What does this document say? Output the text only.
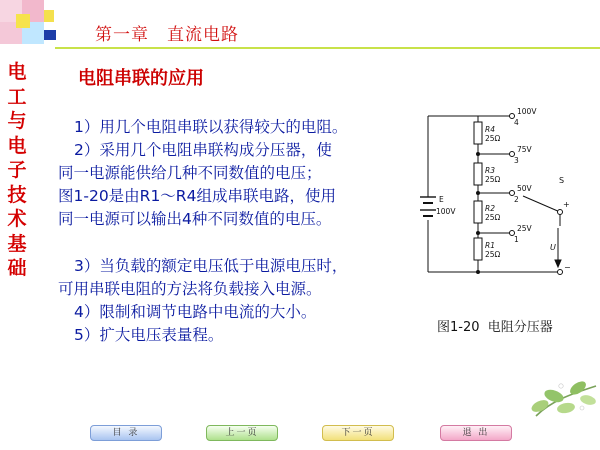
第一章　直流电路
电
工
与
电
子
技
术
基
础
电阻串联的应用
1）用几个电阻串联以获得较大的电阻。
2）采用几个电阻串联构成分压器，使
同一电源能供给几种不同数值的电压；
图1-20是由R1～R4组成串联电路，使用
同一电源可以输出4种不同数值的电压。
3）当负载的额定电压低于电源电压时，
可用串联电阻的方法将负载接入电源。
4）限制和调节电路中电流的大小。
5）扩大电压表量程。
R4
25Ω
R3
25Ω
R2
25Ω
R1
25Ω
100V
4
75V
3
50V
2
25V
1
E
100V
S
+
−
U
图1-20  电阻分压器
目 录	上一页	下一页	退 出
